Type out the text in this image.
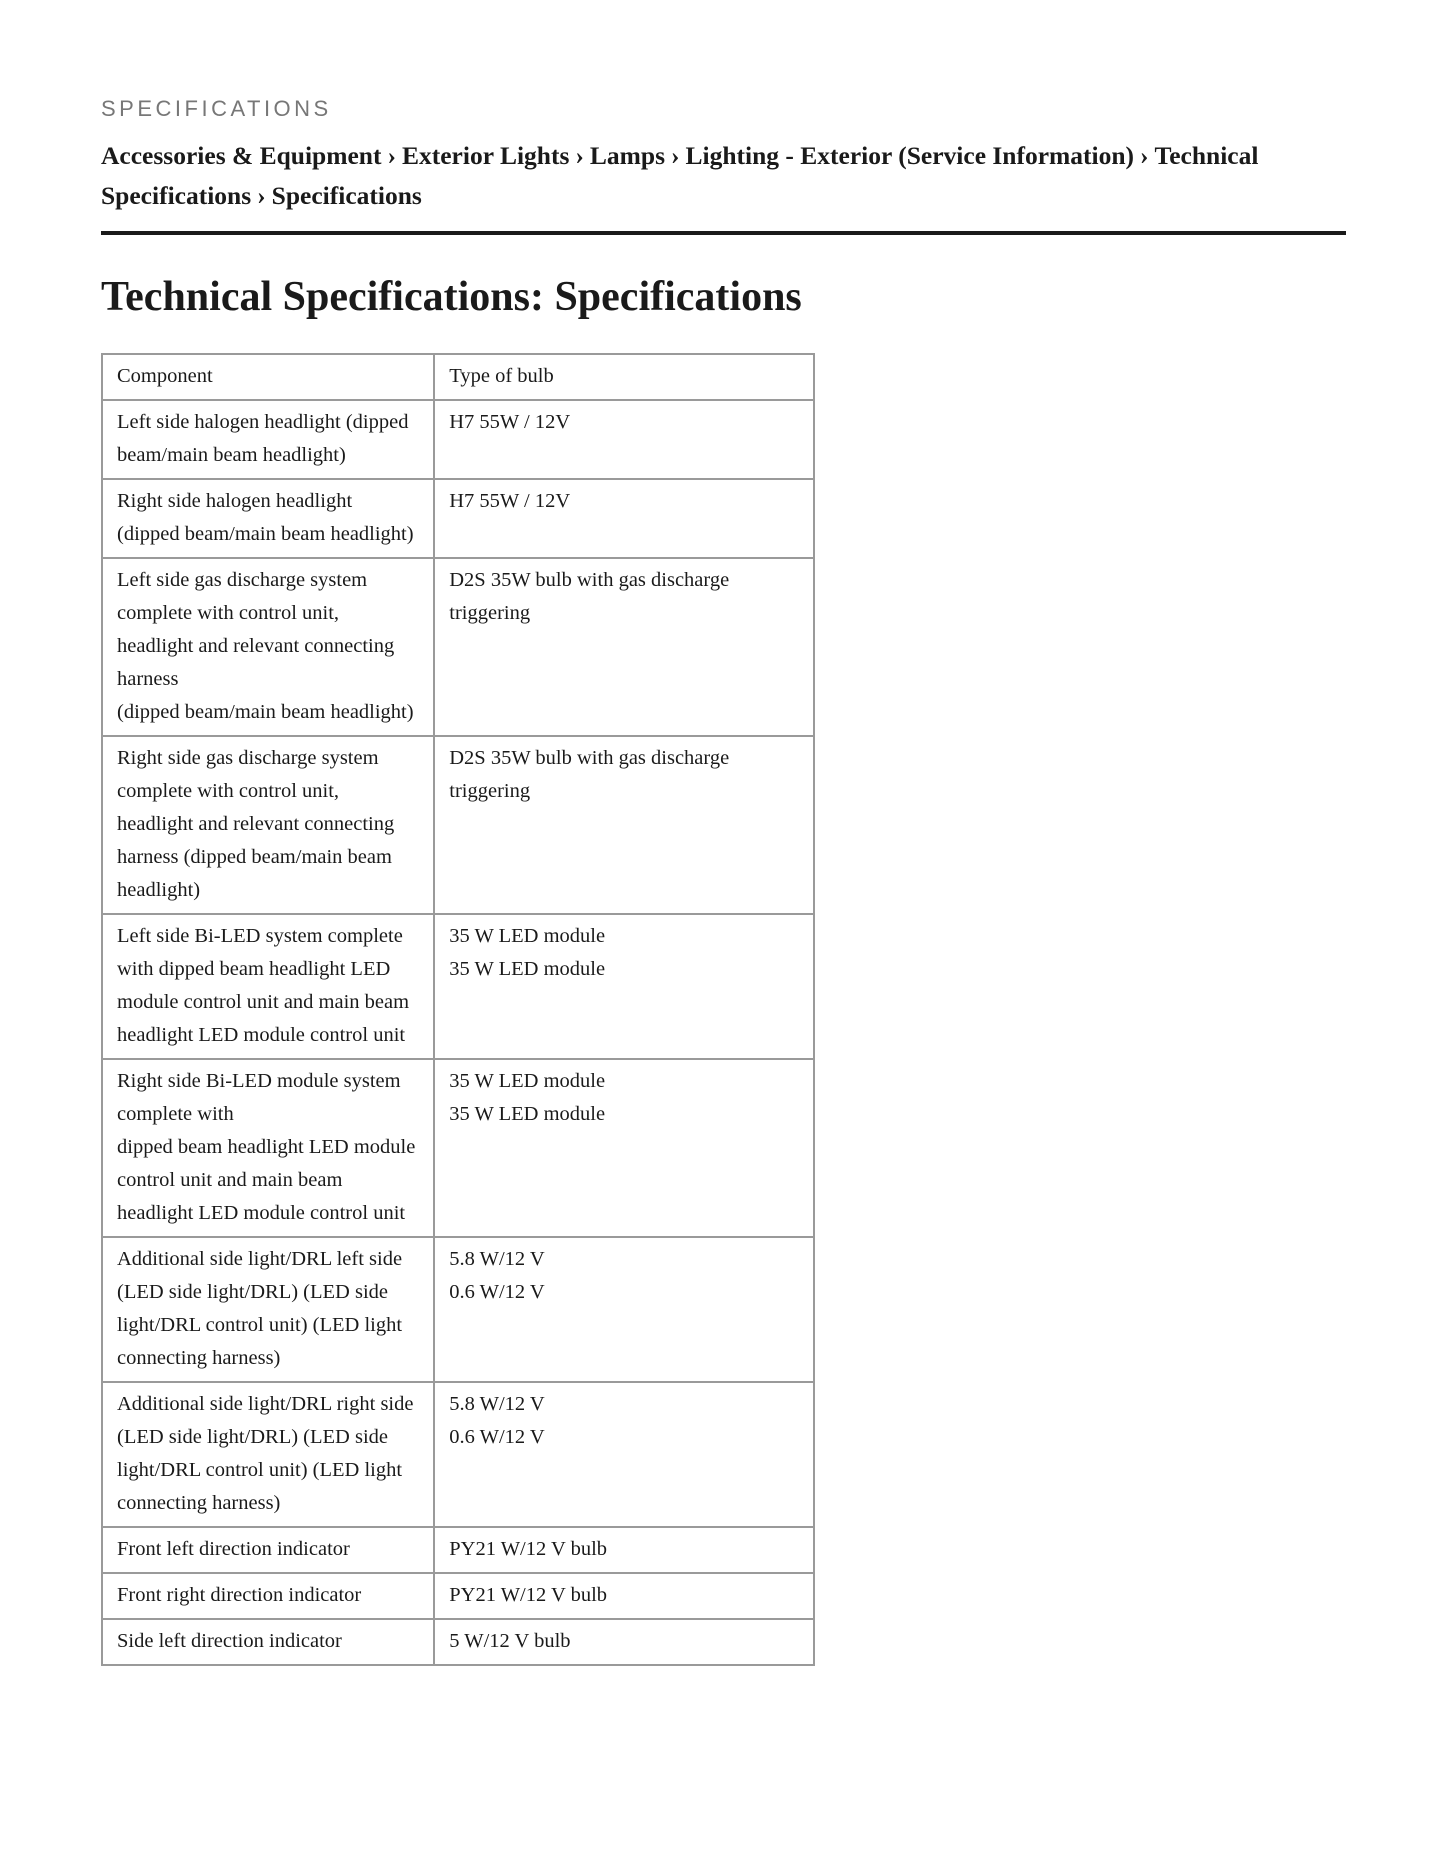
SPECIFICATIONS
Accessories & Equipment › Exterior Lights › Lamps › Lighting - Exterior (Service Information) › Technical Specifications › Specifications
Technical Specifications: Specifications
Component	Type of bulb

Left side halogen headlight (dipped beam/main beam headlight)	H7 55W / 12V

Right side halogen headlight (dipped beam/main beam headlight)	H7 55W / 12V

Left side gas discharge system complete with control unit, headlight and relevant connecting harness
(dipped beam/main beam headlight)	D2S 35W bulb with gas discharge triggering

Right side gas discharge system complete with control unit, headlight and relevant connecting harness (dipped beam/main beam headlight)	D2S 35W bulb with gas discharge triggering

Left side Bi-LED system complete with dipped beam headlight LED module control unit and main beam headlight LED module control unit	35 W LED module
35 W LED module

Right side Bi-LED module system complete with
dipped beam headlight LED module control unit and main beam headlight LED module control unit	35 W LED module
35 W LED module

Additional side light/DRL left side (LED side light/DRL) (LED side light/DRL control unit) (LED light connecting harness)	5.8 W/12 V
0.6 W/12 V

Additional side light/DRL right side (LED side light/DRL) (LED side light/DRL control unit) (LED light connecting harness)	5.8 W/12 V
0.6 W/12 V

Front left direction indicator	PY21 W/12 V bulb

Front right direction indicator	PY21 W/12 V bulb

Side left direction indicator	5 W/12 V bulb
